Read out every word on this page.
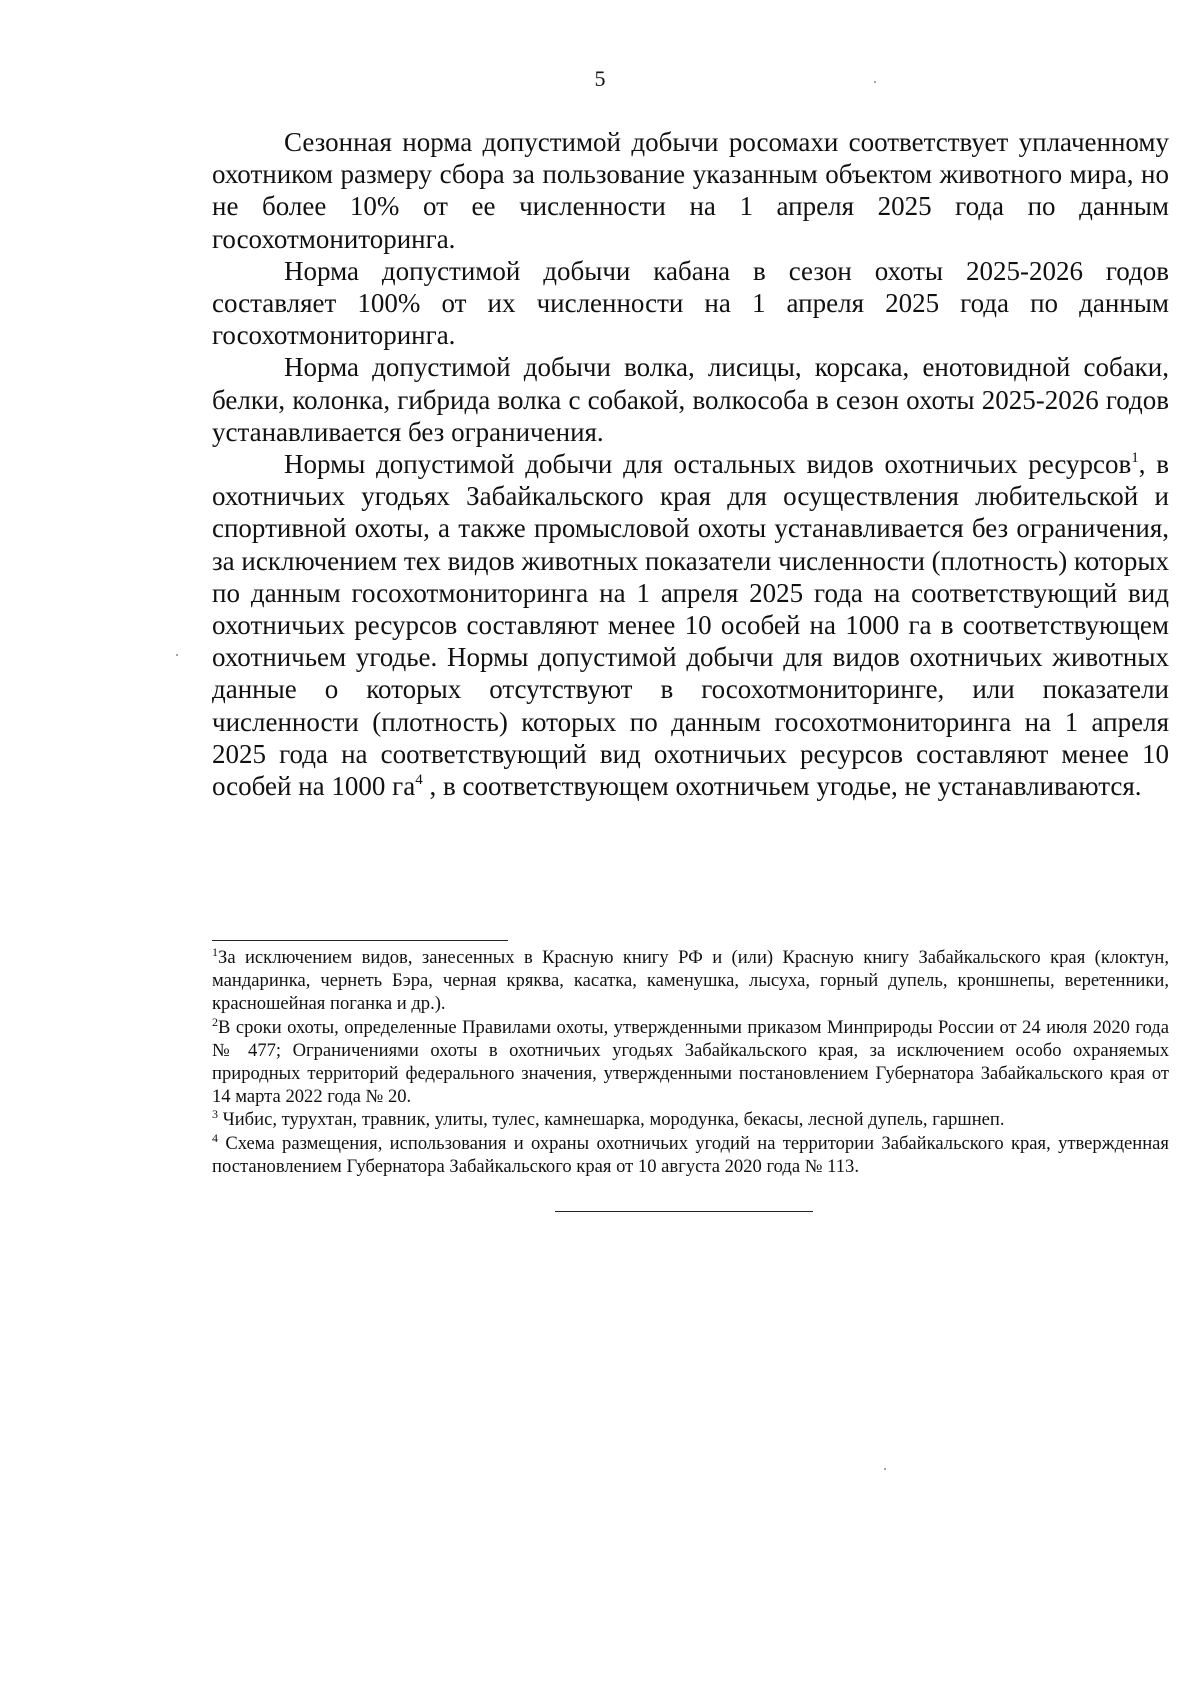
5

Сезонная норма допустимой добычи росомахи соответствует уплаченному охотником размеру сбора за пользование указанным объектом животного мира, но не более 10% от ее численности на 1 апреля 2025 года по данным госохотмониторинга.

Норма допустимой добычи кабана в сезон охоты 2025-2026 годов составляет 100% от их численности на 1 апреля 2025 года по данным госохотмониторинга.

Норма допустимой добычи волка, лисицы, корсака, енотовидной собаки, белки, колонка, гибрида волка с собакой, волкособа в сезон охоты 2025-2026 годов устанавливается без ограничения.

Нормы допустимой добычи для остальных видов охотничьих ресурсов$^1$, в охотничьих угодьях Забайкальского края для осуществления любительской и спортивной охоты, а также промысловой охоты устанавливается без ограничения, за исключением тех видов животных показатели численности (плотность) которых по данным госохотмониторинга на 1 апреля 2025 года на соответствующий вид охотничьих ресурсов составляют менее 10 особей на 1000 га в соответствующем охотничьем угодье. Нормы допустимой добычи для видов охотничьих животных данные о которых отсутствуют в госохотмониторинге, или показатели численности (плотность) которых по данным госохотмониторинга на 1 апреля 2025 года на соответствующий вид охотничьих ресурсов составляют менее 10 особей на 1000 $га^4$ , в соответствующем охотничьем угодье, не устанавливаются.

$^1$За исключением видов, занесенных в Красную книгу РФ и (или) Красную книгу Забайкальского края (клоктун, мандаринка, чернеть Бэра, черная кряква, касатка, каменушка, лысуха, горный дупель, кроншнепы, веретенники, красношейная поганка и др.).

$^2$В сроки охоты, определенные Правилами охоты, утвержденными приказом Минприроды России от 24 июля 2020 года № 477; Ограничениями охоты в охотничьих угодьях Забайкальского края, за исключением особо охраняемых природных территорий федерального значения, утвержденными постановлением Губернатора Забайкальского края от 14 марта 2022 года № 20.

$^3$ Чибис, турухтан, травник, улиты, тулес, камнешарка, мородунка, бекасы, лесной дупель, гаршнеп.

$^4$ Схема размещения, использования и охраны охотничьих угодий на территории Забайкальского края, утвержденная постановлением Губернатора Забайкальского края от 10 августа 2020 года № 113.
